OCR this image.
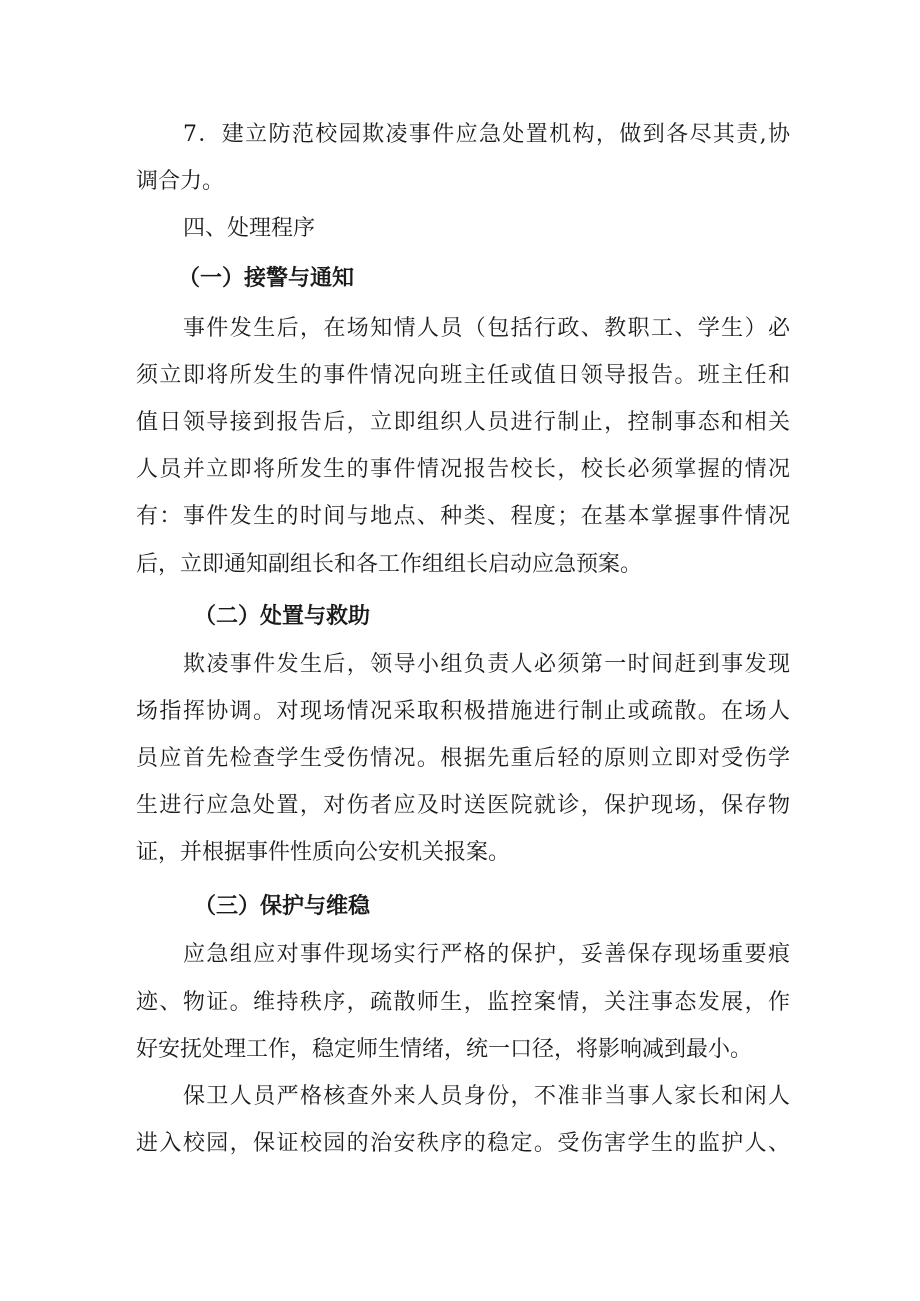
7．建立防范校园欺凌事件应急处置机构，做到各尽其责,协
调合力。
四、处理程序
（一）接警与通知
事件发生后，在场知情人员（包括行政、教职工、学生）必
须立即将所发生的事件情况向班主任或值日领导报告。班主任和
值日领导接到报告后，立即组织人员进行制止，控制事态和相关
人员并立即将所发生的事件情况报告校长，校长必须掌握的情况
有：事件发生的时间与地点、种类、程度；在基本掌握事件情况
后，立即通知副组长和各工作组组长启动应急预案。
（二）处置与救助
欺凌事件发生后，领导小组负责人必须第一时间赶到事发现
场指挥协调。对现场情况采取积极措施进行制止或疏散。在场人
员应首先检查学生受伤情况。根据先重后轻的原则立即对受伤学
生进行应急处置，对伤者应及时送医院就诊，保护现场，保存物
证，并根据事件性质向公安机关报案。
（三）保护与维稳
应急组应对事件现场实行严格的保护，妥善保存现场重要痕
迹、物证。维持秩序，疏散师生，监控案情，关注事态发展，作
好安抚处理工作，稳定师生情绪，统一口径，将影响减到最小。
保卫人员严格核查外来人员身份，不准非当事人家长和闲人
进入校园，保证校园的治安秩序的稳定。受伤害学生的监护人、
